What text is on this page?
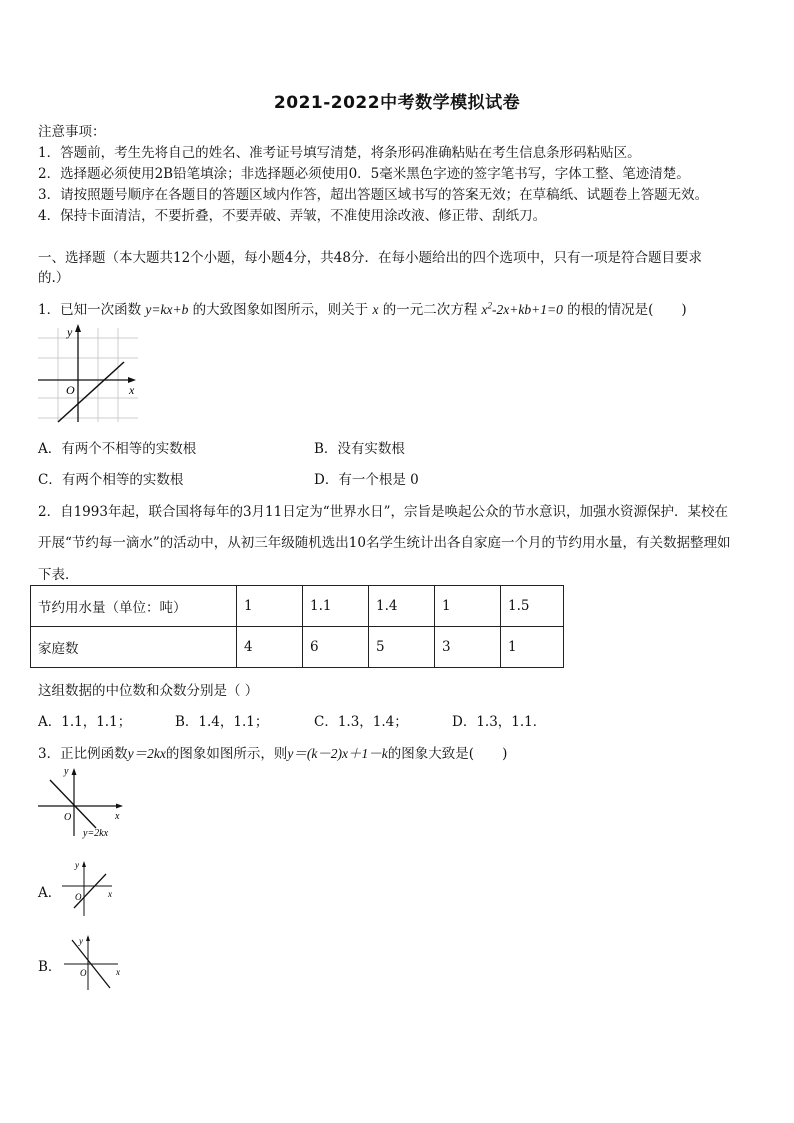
2021-2022中考数学模拟试卷
注意事项：
1．答题前，考生先将自己的姓名、准考证号填写清楚，将条形码准确粘贴在考生信息条形码粘贴区。
2．选择题必须使用2B铅笔填涂；非选择题必须使用0．5毫米黑色字迹的签字笔书写，字体工整、笔迹清楚。
3．请按照题号顺序在各题目的答题区域内作答，超出答题区域书写的答案无效；在草稿纸、试题卷上答题无效。
4．保持卡面清洁，不要折叠，不要弄破、弄皱，不准使用涂改液、修正带、刮纸刀。
一、选择题（本大题共12个小题，每小题4分，共48分．在每小题给出的四个选项中，只有一项是符合题目要求
的.）
1．已知一次函数 y=kx+b 的大致图象如图所示，则关于 x 的一元二次方程 $x^2-2x+kb+1=0$ 的根的情况是( )
y
O	x
A．有两个不相等的实数根	B．没有实数根
C．有两个相等的实数根	D．有一个根是 0
2．自1993年起，联合国将每年的3月11日定为“世界水日”，宗旨是唤起公众的节水意识，加强水资源保护．某校在
开展“节约每一滴水”的活动中，从初三年级随机选出10名学生统计出各自家庭一个月的节约用水量，有关数据整理如
下表．
节约用水量（单位：吨）	1	1.1	1.4	1	1.5
家庭数	4	6	5	3	1
这组数据的中位数和众数分别是（ ）
A．1.1，1.1；	B．1.4，1.1；	C．1.3，1.4；	D．1.3，1.1．
3．正比例函数y＝2kx的图象如图所示，则y＝(k－2)x＋1－k的图象大致是( )
y
O	x
y=2kx
A．
y
O	x
B．
y
O	x
